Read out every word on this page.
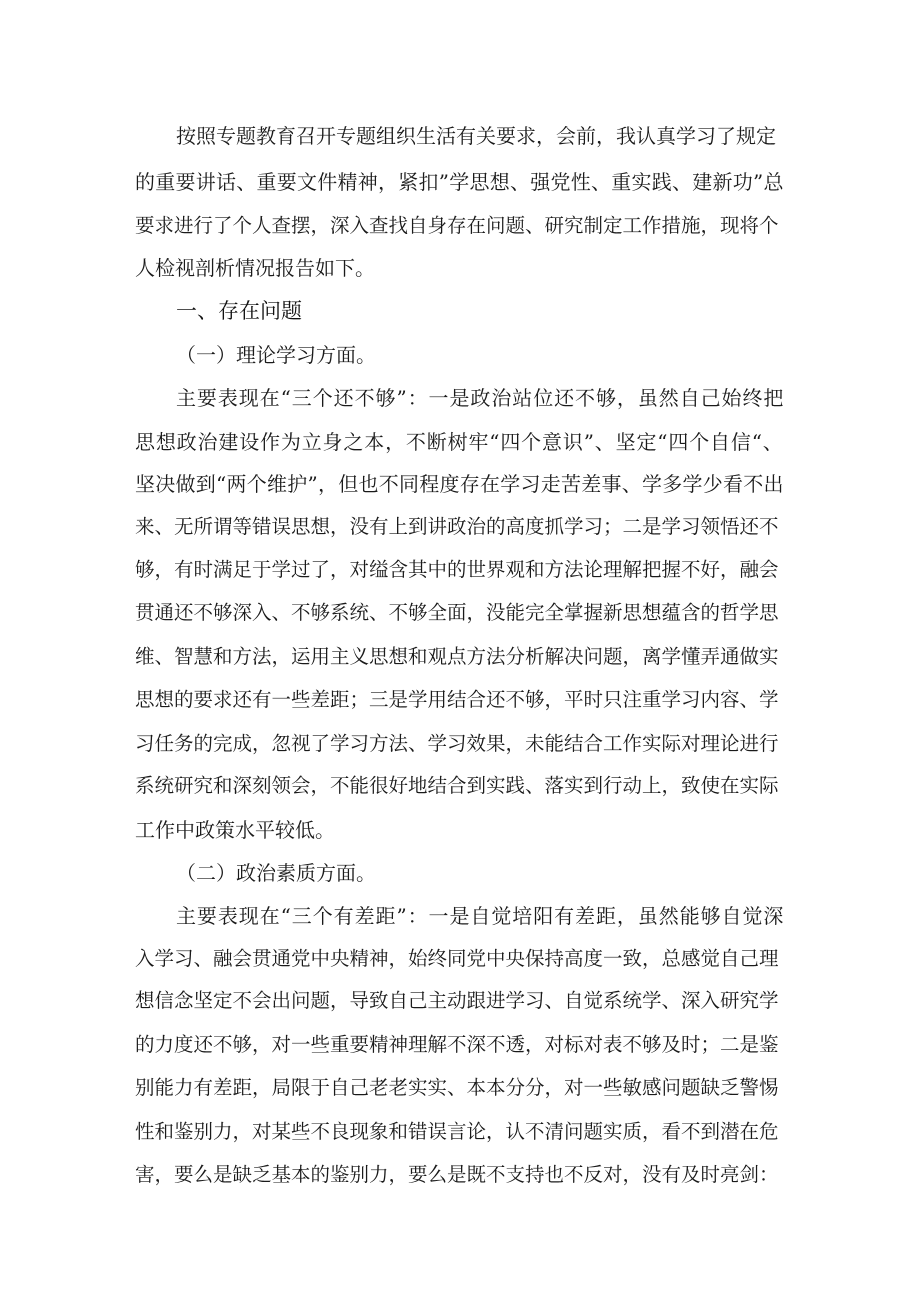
按照专题教育召开专题组织生活有关要求，会前，我认真学习了规定

的重要讲话、重要文件精神，紧扣”学思想、强党性、重实践、建新功”总

要求进行了个人查摆，深入查找自身存在问题、研究制定工作措施，现将个

人检视剖析情况报告如下。

一、存在问题

（一）理论学习方面。

主要表现在“三个还不够”：一是政治站位还不够，虽然自己始终把

思想政治建设作为立身之本，不断树牢“四个意识”、坚定“四个自信“、

坚决做到“两个维护”，但也不同程度存在学习走苦差事、学多学少看不出

来、无所谓等错误思想，没有上到讲政治的高度抓学习；二是学习领悟还不

够，有时满足于学过了，对缢含其中的世界观和方法论理解把握不好，融会

贯通还不够深入、不够系统、不够全面，没能完全掌握新思想蕴含的哲学思

维、智慧和方法，运用主义思想和观点方法分析解决问题，离学懂弄通做实

思想的要求还有一些差距；三是学用结合还不够，平时只注重学习内容、学

习任务的完成，忽视了学习方法、学习效果，未能结合工作实际对理论进行

系统研究和深刻领会，不能很好地结合到实践、落实到行动上，致使在实际

工作中政策水平较低。

（二）政治素质方面。

主要表现在“三个有差距”：一是自觉培阳有差距，虽然能够自觉深

入学习、融会贯通党中央精神，始终同党中央保持高度一致，总感觉自己理

想信念坚定不会出问题，导致自己主动跟进学习、自觉系统学、深入研究学

的力度还不够，对一些重要精神理解不深不透，对标对表不够及时；二是鉴

别能力有差距，局限于自己老老实实、本本分分，对一些敏感问题缺乏警惕

性和鉴别力，对某些不良现象和错误言论，认不清问题实质，看不到潜在危

害，要么是缺乏基本的鉴别力，要么是既不支持也不反对，没有及时亮剑：
